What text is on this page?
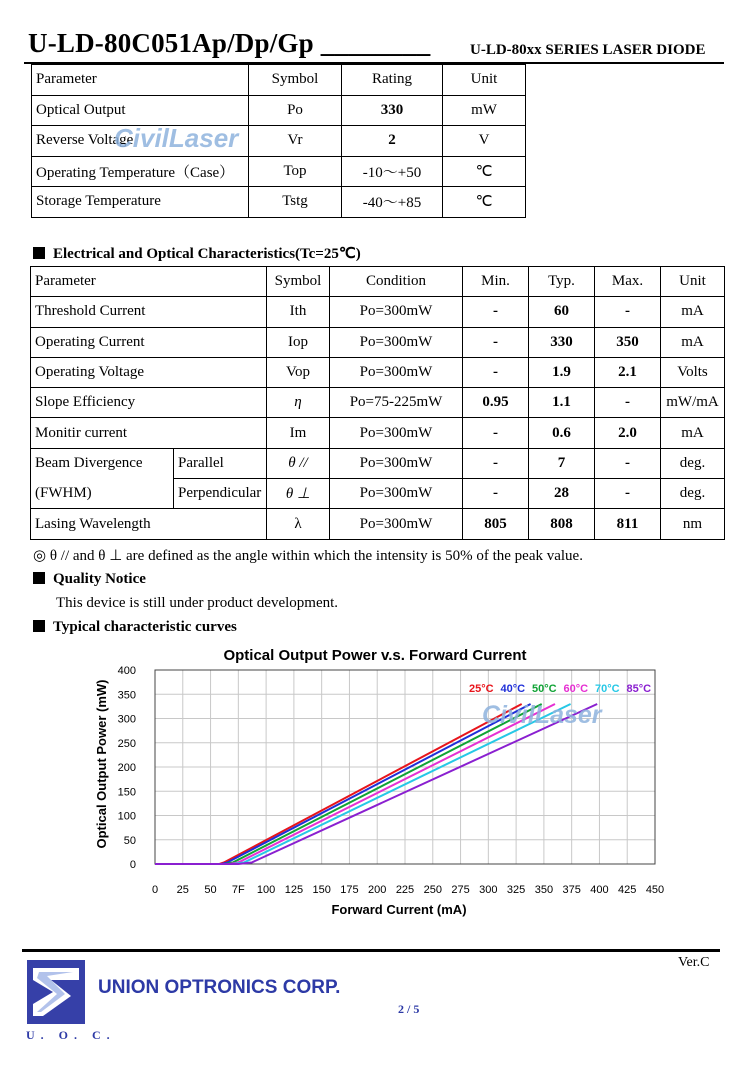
U-LD-80C051Ap/Dp/Gp ________	U-LD-80xx SERIES LASER DIODE
Parameter	Symbol	Rating	Unit
Optical Output	Po	330	mW
Reverse Voltage	Vr	2	V
Operating Temperature（Case）	Top	-10～+50	℃
Storage Temperature	Tstg	-40～+85	℃
CivilLaser
Electrical and Optical Characteristics(Tc=25℃)
Parameter		Symbol	Condition	Min.	Typ.	Max.	Unit
Threshold Current		Ith	Po=300mW	-	60	-	mA
Operating Current		Iop	Po=300mW	-	330	350	mA
Operating Voltage		Vop	Po=300mW	-	1.9	2.1	Volts
Slope Efficiency		η	Po=75-225mW	0.95	1.1	-	mW/mA
Monitir current		Im	Po=300mW	-	0.6	2.0	mA
Beam Divergence	Parallel	θ //	Po=300mW	-	7	-	deg.
(FWHM)	Perpendicular	θ ⊥	Po=300mW	-	28	-	deg.
Lasing Wavelength		λ	Po=300mW	805	808	811	nm
◎ θ // and θ ⊥ are defined as the angle within which the intensity is 50% of the peak value.
Quality Notice
This device is still under product development.
Typical characteristic curves
Optical Output Power v.s. Forward Current
0 25 50 7F 100 125 150 175 200 225 250 275 300 325 350 375 400 425 450
0
50
100
150
200
250
300
350
400
25°C 40°C 50°C 60°C 70°C 85°C
Forward Current (mA)
Optical Output Power (mW)	CivilLaser
Ver.C
UNION OPTRONICS CORP.
U. O. C.
2 / 5
